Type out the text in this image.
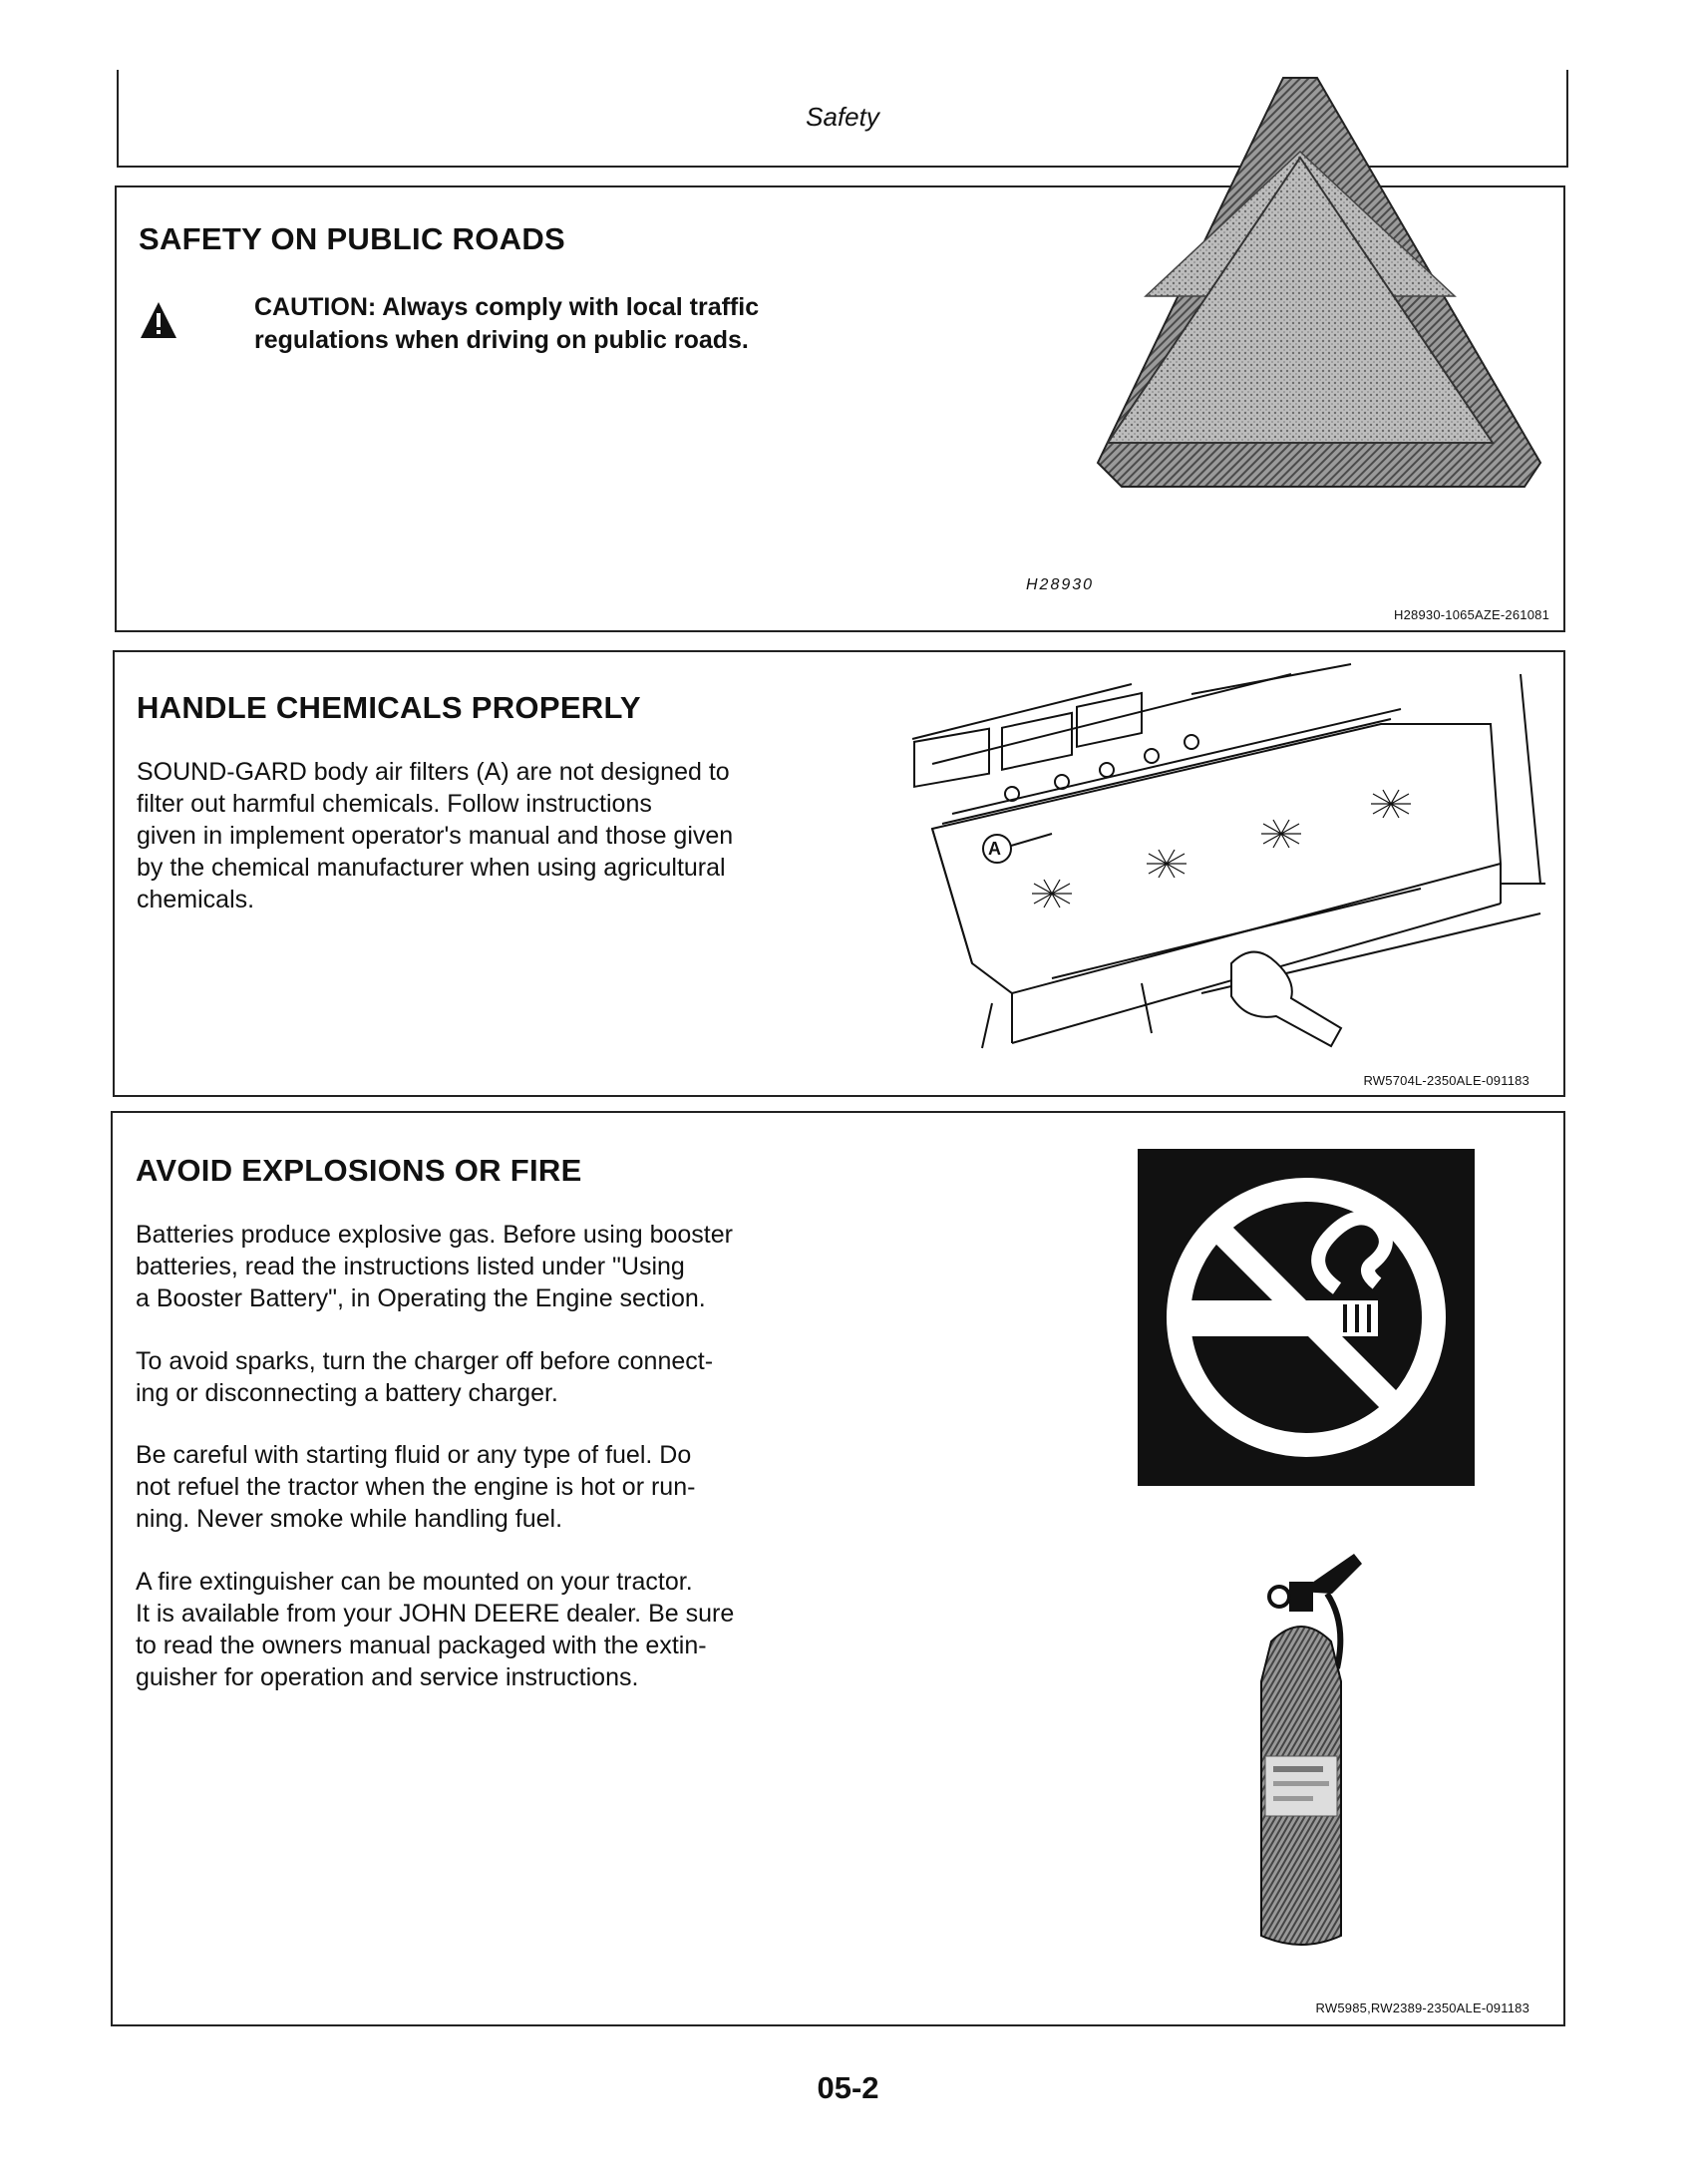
Safety
SAFETY ON PUBLIC ROADS
CAUTION: Always comply with local traffic
regulations when driving on public roads.
H28930
H28930-1065AZE-261081
HANDLE CHEMICALS PROPERLY
SOUND-GARD body air filters (A) are not designed to
filter out harmful chemicals. Follow instructions
given in implement operator's manual and those given
by the chemical manufacturer when using agricultural
chemicals.
RW5704L-2350ALE-091183
A
AVOID EXPLOSIONS OR FIRE
Batteries produce explosive gas. Before using booster
batteries, read the instructions listed under "Using
a Booster Battery", in Operating the Engine section.
To avoid sparks, turn the charger off before connect-
ing or disconnecting a battery charger.
Be careful with starting fluid or any type of fuel. Do
not refuel the tractor when the engine is hot or run-
ning. Never smoke while handling fuel.
A fire extinguisher can be mounted on your tractor.
It is available from your JOHN DEERE dealer. Be sure
to read the owners manual packaged with the extin-
guisher for operation and service instructions.
RW5985,RW2389-2350ALE-091183
05-2
